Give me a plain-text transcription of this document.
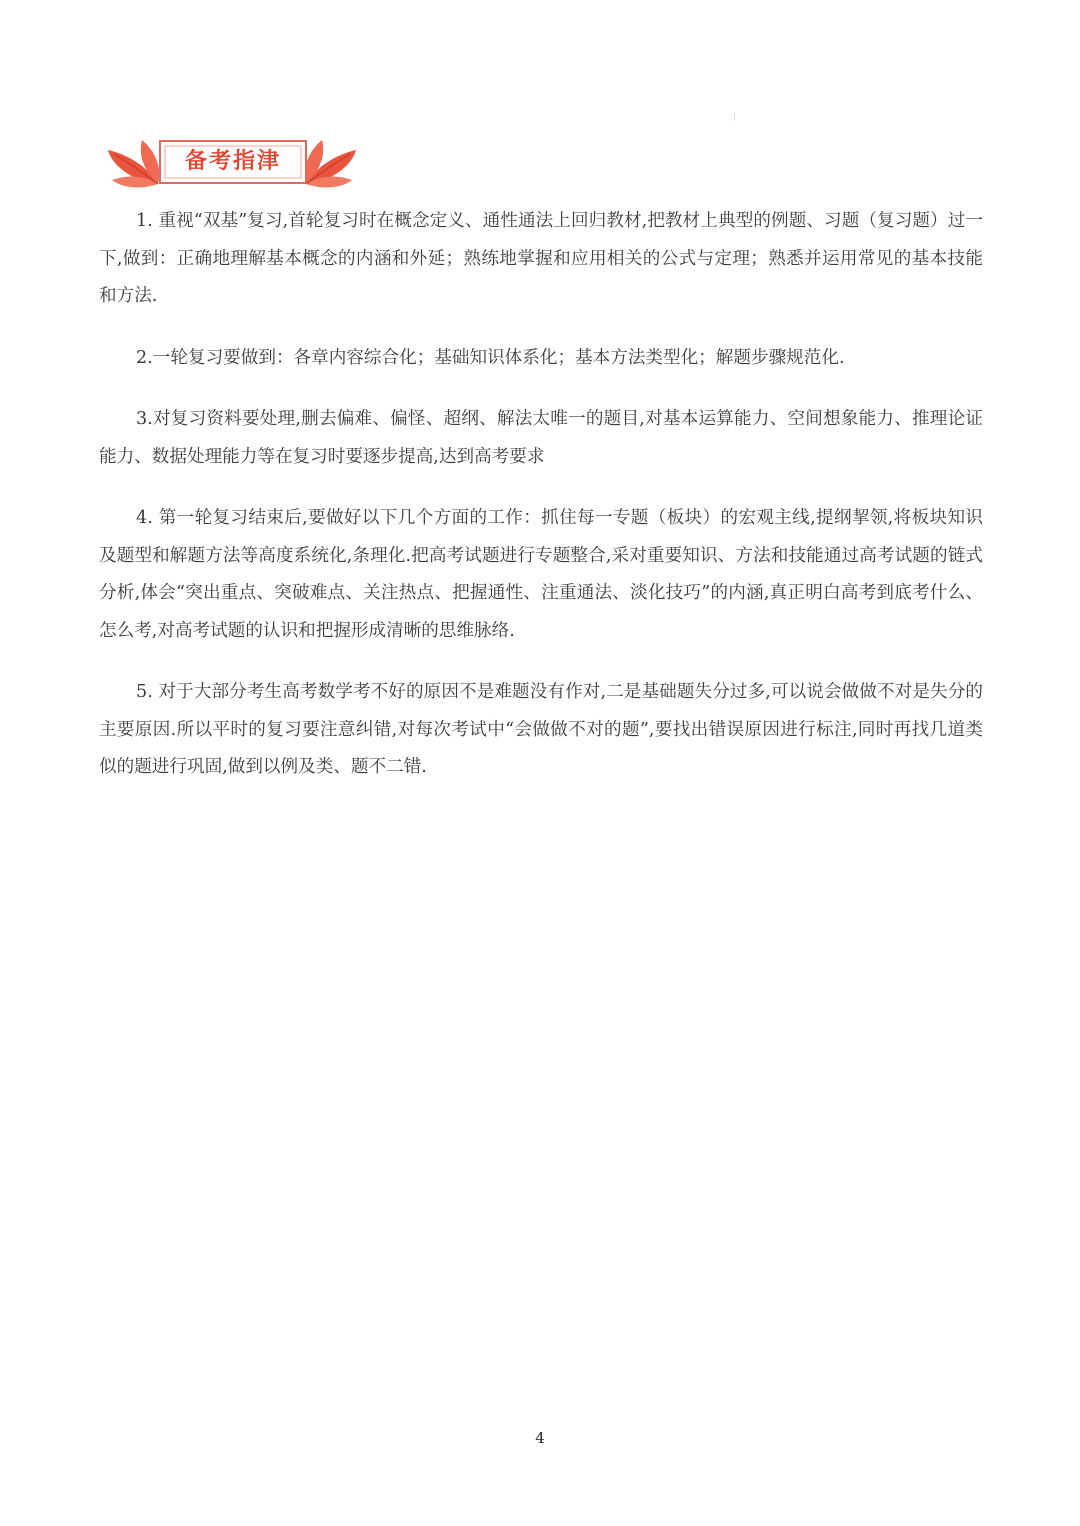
¦
备考指津

1. 重视“双基”复习,首轮复习时在概念定义、通性通法上回归教材,把教材上典型的例题、习题（复习题）过一下,做到：正确地理解基本概念的内涵和外延；熟练地掌握和应用相关的公式与定理；熟悉并运用常见的基本技能和方法.

2.一轮复习要做到：各章内容综合化；基础知识体系化；基本方法类型化；解题步骤规范化.

3.对复习资料要处理,删去偏难、偏怪、超纲、解法太唯一的题目,对基本运算能力、空间想象能力、推理论证能力、数据处理能力等在复习时要逐步提高,达到高考要求

4. 第一轮复习结束后,要做好以下几个方面的工作：抓住每一专题（板块）的宏观主线,提纲挈领,将板块知识及题型和解题方法等高度系统化,条理化.把高考试题进行专题整合,采对重要知识、方法和技能通过高考试题的链式分析,体会“突出重点、突破难点、关注热点、把握通性、注重通法、淡化技巧”的内涵,真正明白高考到底考什么、怎么考,对高考试题的认识和把握形成清晰的思维脉络.

5. 对于大部分考生高考数学考不好的原因不是难题没有作对,二是基础题失分过多,可以说会做做不对是失分的主要原因.所以平时的复习要注意纠错,对每次考试中“会做做不对的题”,要找出错误原因进行标注,同时再找几道类似的题进行巩固,做到以例及类、题不二错.

4
